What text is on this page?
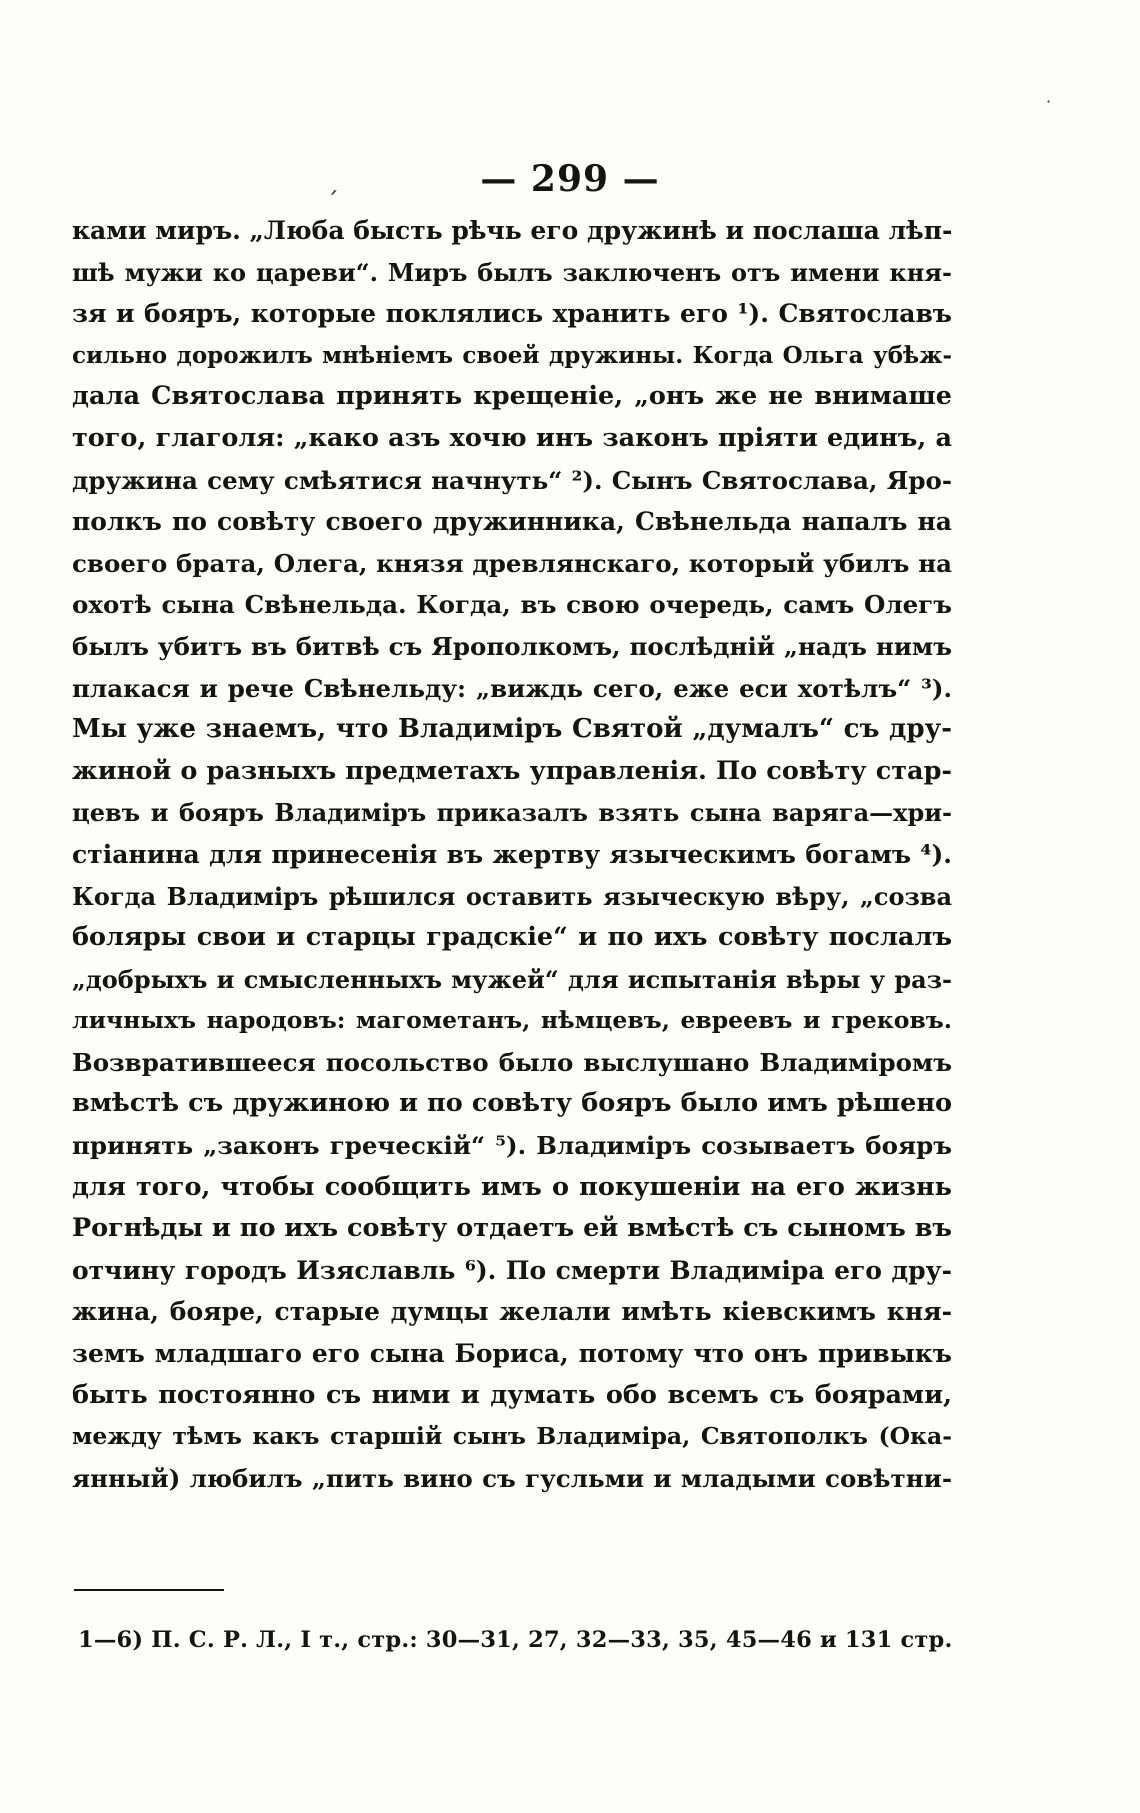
— 299 —
ˊ
·
ками миръ. „Люба бысть рѣчь его дружинѣ и послаша лѣп-
шѣ мужи ко цареви“. Миръ былъ заключенъ отъ имени кня-
зя и бояръ, которые поклялись хранить его ¹). Святославъ
сильно дорожилъ мнѣніемъ своей дружины. Когда Ольга убѣж-
дала Святослава принять крещеніе, „онъ же не внимаше
того, глаголя: „како азъ хочю инъ законъ пріяти единъ, а
дружина сему смѣятися начнуть“ ²). Сынъ Святослава, Яро-
полкъ по совѣту своего дружинника, Свѣнельда напалъ на
своего брата, Олега, князя древлянскаго, который убилъ на
охотѣ сына Свѣнельда. Когда, въ свою очередь, самъ Олегъ
былъ убитъ въ битвѣ съ Ярополкомъ, послѣдній „надъ нимъ
плакася и рече Свѣнельду: „виждь сего, еже еси хотѣлъ“ ³).
Мы уже знаемъ, что Владиміръ Святой „думалъ“ съ дру-
жиной о разныхъ предметахъ управленія. По совѣту стар-
цевъ и бояръ Владиміръ приказалъ взять сына варяга—хри-
стіанина для принесенія въ жертву языческимъ богамъ ⁴).
Когда Владиміръ рѣшился оставить языческую вѣру, „созва
боляры свои и старцы градскіе“ и по ихъ совѣту послалъ
„добрыхъ и смысленныхъ мужей“ для испытанія вѣры у раз-
личныхъ народовъ: магометанъ, нѣмцевъ, евреевъ и грековъ.
Возвратившееся посольство было выслушано Владиміромъ
вмѣстѣ съ дружиною и по совѣту бояръ было имъ рѣшено
принять „законъ греческій“ ⁵). Владиміръ созываетъ бояръ
для того, чтобы сообщить имъ о покушеніи на его жизнь
Рогнѣды и по ихъ совѣту отдаетъ ей вмѣстѣ съ сыномъ въ
отчину городъ Изяславль ⁶). По смерти Владиміра его дру-
жина, бояре, старые думцы желали имѣть кіевскимъ кня-
земъ младшаго его сына Бориса, потому что онъ привыкъ
быть постоянно съ ними и думать обо всемъ съ боярами,
между тѣмъ какъ старшій сынъ Владиміра, Святополкъ (Ока-
янный) любилъ „пить вино съ гусльми и младыми совѣтни-
1—6) П. С. Р. Л., I т., стр.: 30—31, 27, 32—33, 35, 45—46 и 131 стр.
